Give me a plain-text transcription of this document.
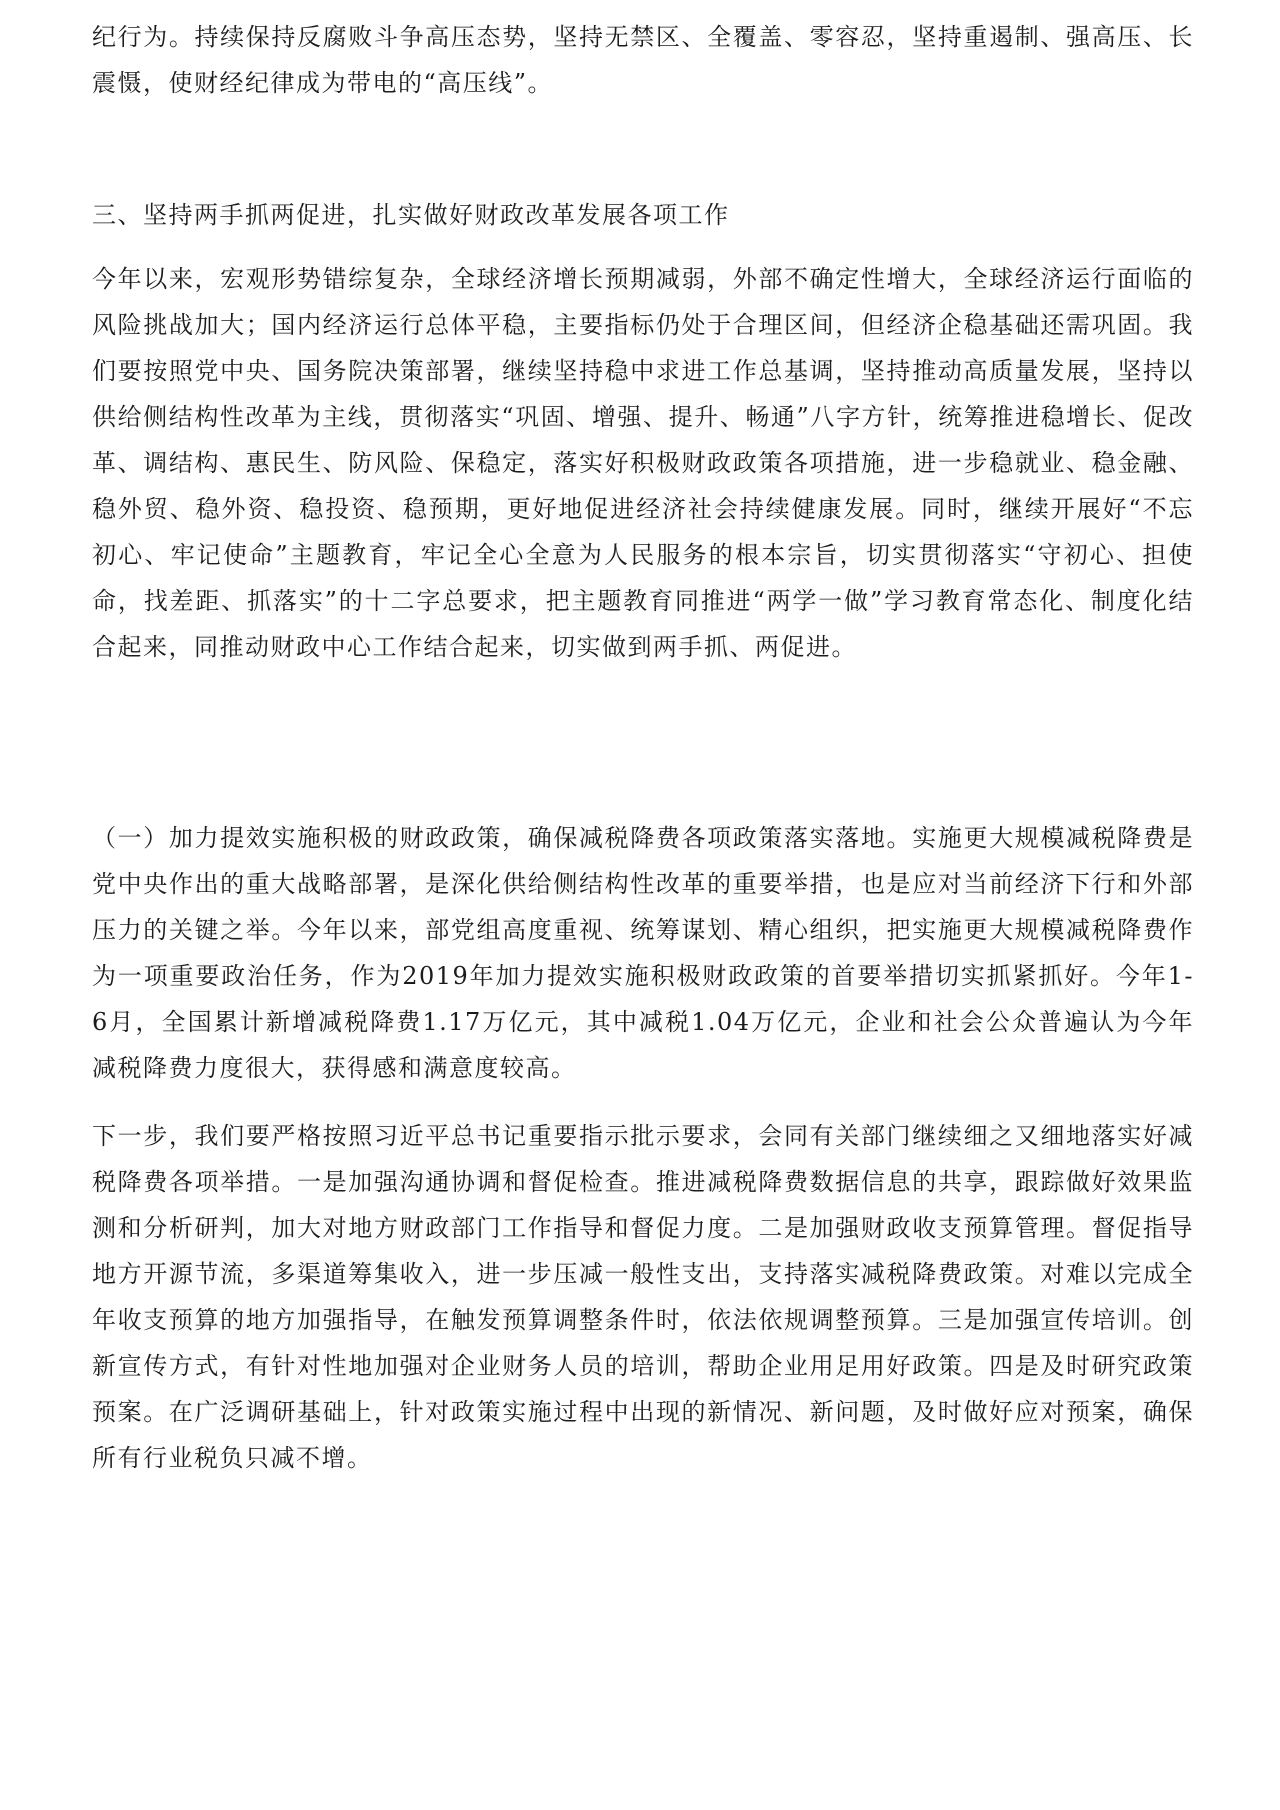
纪行为。持续保持反腐败斗争高压态势，坚持无禁区、全覆盖、零容忍，坚持重遏制、强高压、长震慑，使财经纪律成为带电的“高压线”。

三、坚持两手抓两促进，扎实做好财政改革发展各项工作

今年以来，宏观形势错综复杂，全球经济增长预期减弱，外部不确定性增大，全球经济运行面临的风险挑战加大；国内经济运行总体平稳，主要指标仍处于合理区间，但经济企稳基础还需巩固。我们要按照党中央、国务院决策部署，继续坚持稳中求进工作总基调，坚持推动高质量发展，坚持以供给侧结构性改革为主线，贯彻落实“巩固、增强、提升、畅通”八字方针，统筹推进稳增长、促改革、调结构、惠民生、防风险、保稳定，落实好积极财政政策各项措施，进一步稳就业、稳金融、稳外贸、稳外资、稳投资、稳预期，更好地促进经济社会持续健康发展。同时，继续开展好“不忘初心、牢记使命”主题教育，牢记全心全意为人民服务的根本宗旨，切实贯彻落实“守初心、担使命，找差距、抓落实”的十二字总要求，把主题教育同推进“两学一做”学习教育常态化、制度化结合起来，同推动财政中心工作结合起来，切实做到两手抓、两促进。

（一）加力提效实施积极的财政政策，确保减税降费各项政策落实落地。实施更大规模减税降费是党中央作出的重大战略部署，是深化供给侧结构性改革的重要举措，也是应对当前经济下行和外部压力的关键之举。今年以来，部党组高度重视、统筹谋划、精心组织，把实施更大规模减税降费作为一项重要政治任务，作为2019年加力提效实施积极财政政策的首要举措切实抓紧抓好。今年1-6月，全国累计新增减税降费1.17万亿元，其中减税1.04万亿元，企业和社会公众普遍认为今年减税降费力度很大，获得感和满意度较高。

下一步，我们要严格按照习近平总书记重要指示批示要求，会同有关部门继续细之又细地落实好减税降费各项举措。一是加强沟通协调和督促检查。推进减税降费数据信息的共享，跟踪做好效果监测和分析研判，加大对地方财政部门工作指导和督促力度。二是加强财政收支预算管理。督促指导地方开源节流，多渠道筹集收入，进一步压减一般性支出，支持落实减税降费政策。对难以完成全年收支预算的地方加强指导，在触发预算调整条件时，依法依规调整预算。三是加强宣传培训。创新宣传方式，有针对性地加强对企业财务人员的培训，帮助企业用足用好政策。四是及时研究政策预案。在广泛调研基础上，针对政策实施过程中出现的新情况、新问题，及时做好应对预案，确保所有行业税负只减不增。
